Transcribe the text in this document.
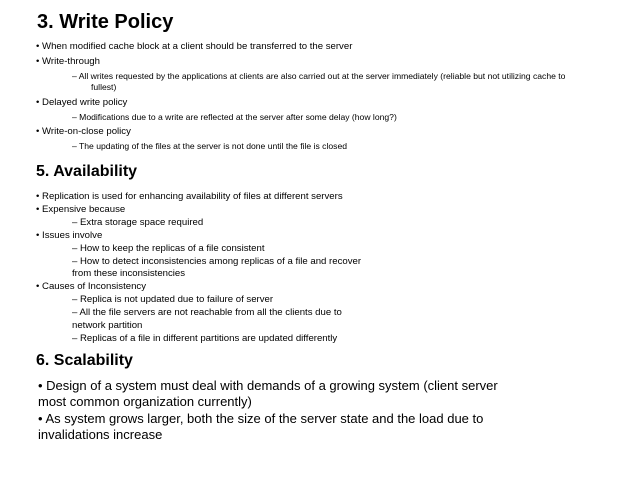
3. Write Policy
• When modified cache block at a client should be transferred to the server
• Write-through
– All writes requested by the applications at clients are also carried out at the server immediately (reliable but not utilizing cache to
fullest)
• Delayed write policy
– Modifications due to a write are reflected at the server after some delay (how long?)
• Write-on-close policy
– The updating of the files at the server is not done until the file is closed
5. Availability
• Replication is used for enhancing availability of files at different servers
• Expensive because
– Extra storage space required
• Issues involve
– How to keep the replicas of a file consistent
– How to detect inconsistencies among replicas of a file and recover
from these inconsistencies
• Causes of Inconsistency
– Replica is not updated due to failure of server
– All the file servers are not reachable from all the clients due to
network partition
– Replicas of a file in different partitions are updated differently
6. Scalability
• Design of a system must deal with demands of a growing system (client server
most common organization currently)
• As system grows larger, both the size of the server state and the load due to
invalidations increase
